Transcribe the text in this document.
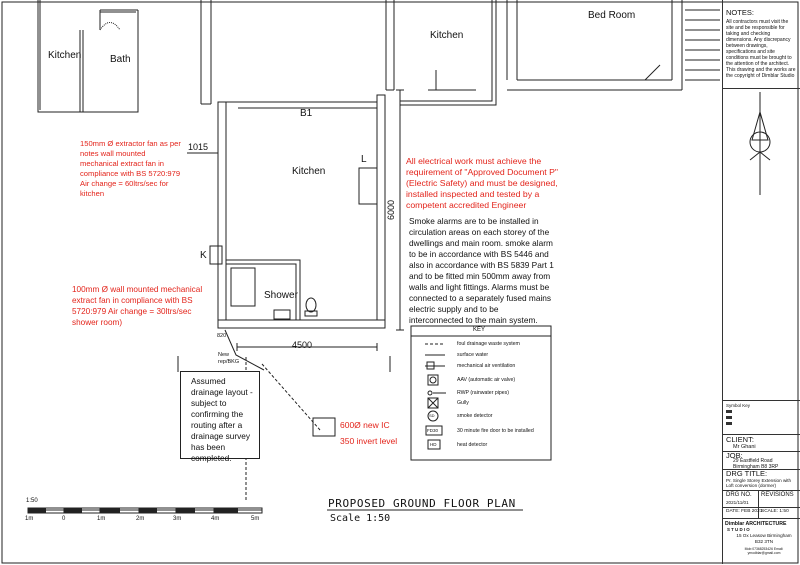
Kitchen	Bath
Kitchen
Bed Room
Kitchen
Shower
B1
L
K
1015
6000
4500
820
New rep/BKG
150mm Ø extractor fan as per notes wall mounted mechanical extract fan in compliance with BS 5720:979 Air change = 60ltrs/sec for kitchen
100mm Ø wall mounted mechanical extract fan in compliance with BS 5720:979 Air change = 30ltrs/sec shower room)
All electrical work must achieve the requirement of "Approved Document P" (Electric Safety) and must be designed, installed inspected and tested by a competent accredited Engineer
Smoke alarms are to be installed in circulation areas on each storey of the dwellings and main room. smoke alarm to be in accordance with BS 5446 and also in accordance with BS 5839 Part 1 and to be fitted min 500mm away from walls and light fittings. Alarms must be connected to a separately fused mains electric supply and to be interconnected to the main system.
Assumed drainage layout - subject to confirming the routing after a drainage survey has been completed.
600Ø new IC
350 invert level
KEY
foul drainage waste system
surface water
mechanical air ventilation
AAV (automatic air valve)
RWP (rainwater pipes)
Gully
smoke detector
30 minute fire door to be installed
heat detector
SD
FD30
HD
1:50
1m	0	1m	2m	3m	4m	5m
PROPOSED GROUND FLOOR PLAN
Scale 1:50
NOTES:
All contractors must visit the site and be responsible for taking and checking dimensions. Any discrepancy between drawings, specifications and site conditions must be brought to the attention of the architect. This drawing and the works are the copyright of Dimblar Studio
Symbol Key
CLIENT:
Mr Ghani
JOB:
29 Eastfield Road Birmingham B8 3RP
DRG TITLE:
Pr. Single Storey Extension with Loft conversion (dormer)
DRG NO. REVISIONS
2021/11/01
DATE: FEB 2021
SCALE: 1:50
Dimblar ARCHITECTURE
S T U D I O
15 Ox Leasow Birmingham B32 3TN
Mob:07368253426 Email: ymodblar@gmail.com
